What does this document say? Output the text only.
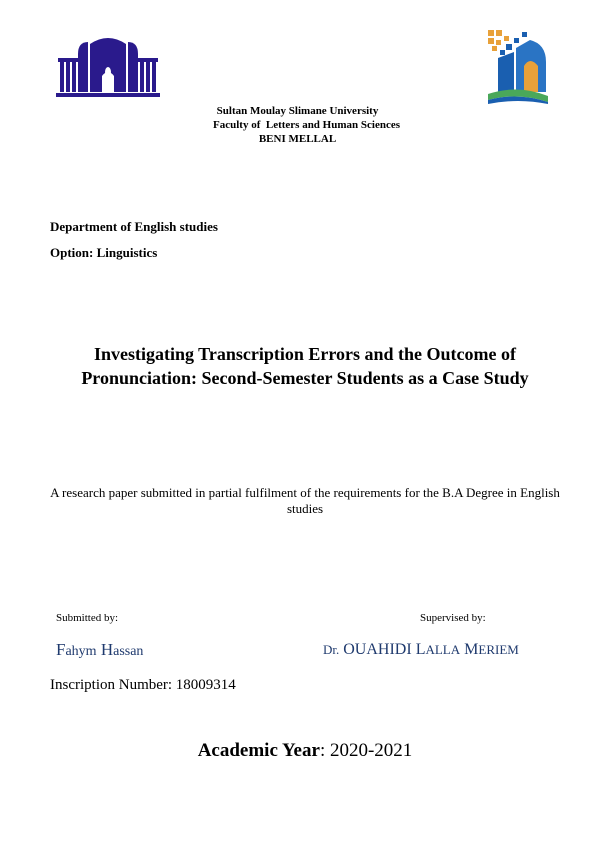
Sultan Moulay Slimane University
Faculty of  Letters and Human Sciences
BENI MELLAL
Department of English studies
Option: Linguistics
Investigating Transcription Errors and the Outcome of Pronunciation: Second-Semester Students as a Case Study
A research paper submitted in partial fulfilment of the requirements for the B.A Degree in English studies
Submitted by:	Supervised by:
Fahym Hassan	Dr. OUAHIDI LALLA MERIEM
Inscription Number: 18009314
Academic Year: 2020-2021
